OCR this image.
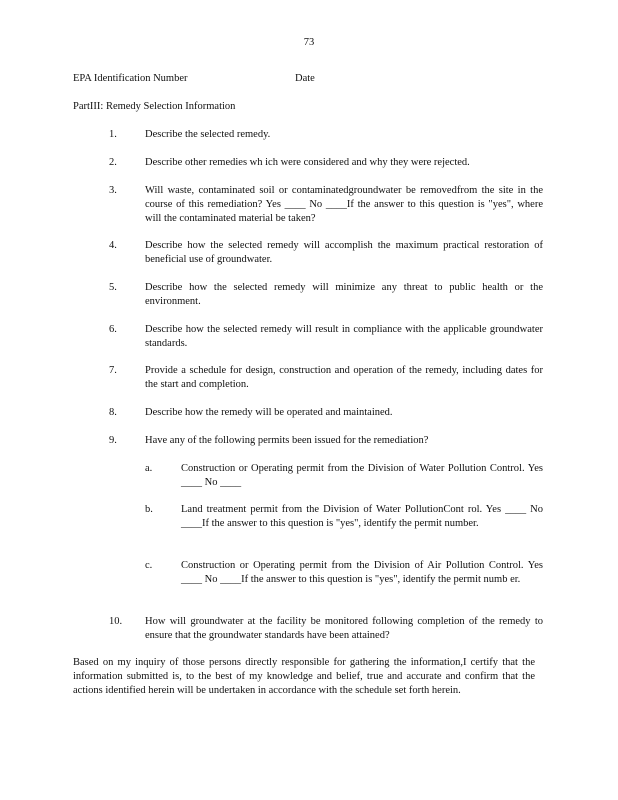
73
EPA Identification Number	Date
PartIII: Remedy Selection Information
1.	Describe the selected remedy.
2.	Describe other remedies wh ich were considered and why they were rejected.
3.	Will waste, contaminated soil or contaminatedgroundwater be removedfrom the site in the course of this remediation? Yes ____ No ____If the answer to this question is "yes", where will the contaminated material be taken?
4.	Describe how the selected remedy will accomplish the maximum practical restoration of beneficial use of groundwater.
5.	Describe how the selected remedy will minimize any threat to public health or the environment.
6.	Describe how the selected remedy will result in compliance with the applicable groundwater standards.
7.	Provide a schedule for design, construction and operation of the remedy, including dates for the start and completion.
8.	Describe how the remedy will be operated and maintained.
9.	Have any of the following permits been issued for the remediation?
a.	Construction or Operating permit from the Division of Water Pollution Control. Yes ____ No ____
b.	Land treatment permit from the Division of Water PollutionCont rol. Yes ____ No ____If the answer to this question is "yes", identify the permit number.
c.	Construction or Operating permit from the Division of Air Pollution Control. Yes ____ No ____If the answer to this question is "yes", identify the permit numb er.
10. How will groundwater at the facility be monitored following completion of the remedy to ensure that the groundwater standards have been attained?
Based on my inquiry of those persons directly responsible for gathering the information,I certify that the information submitted is, to the best of my knowledge and belief, true and accurate and confirm that the actions identified herein will be undertaken in accordance with the schedule set forth herein.
